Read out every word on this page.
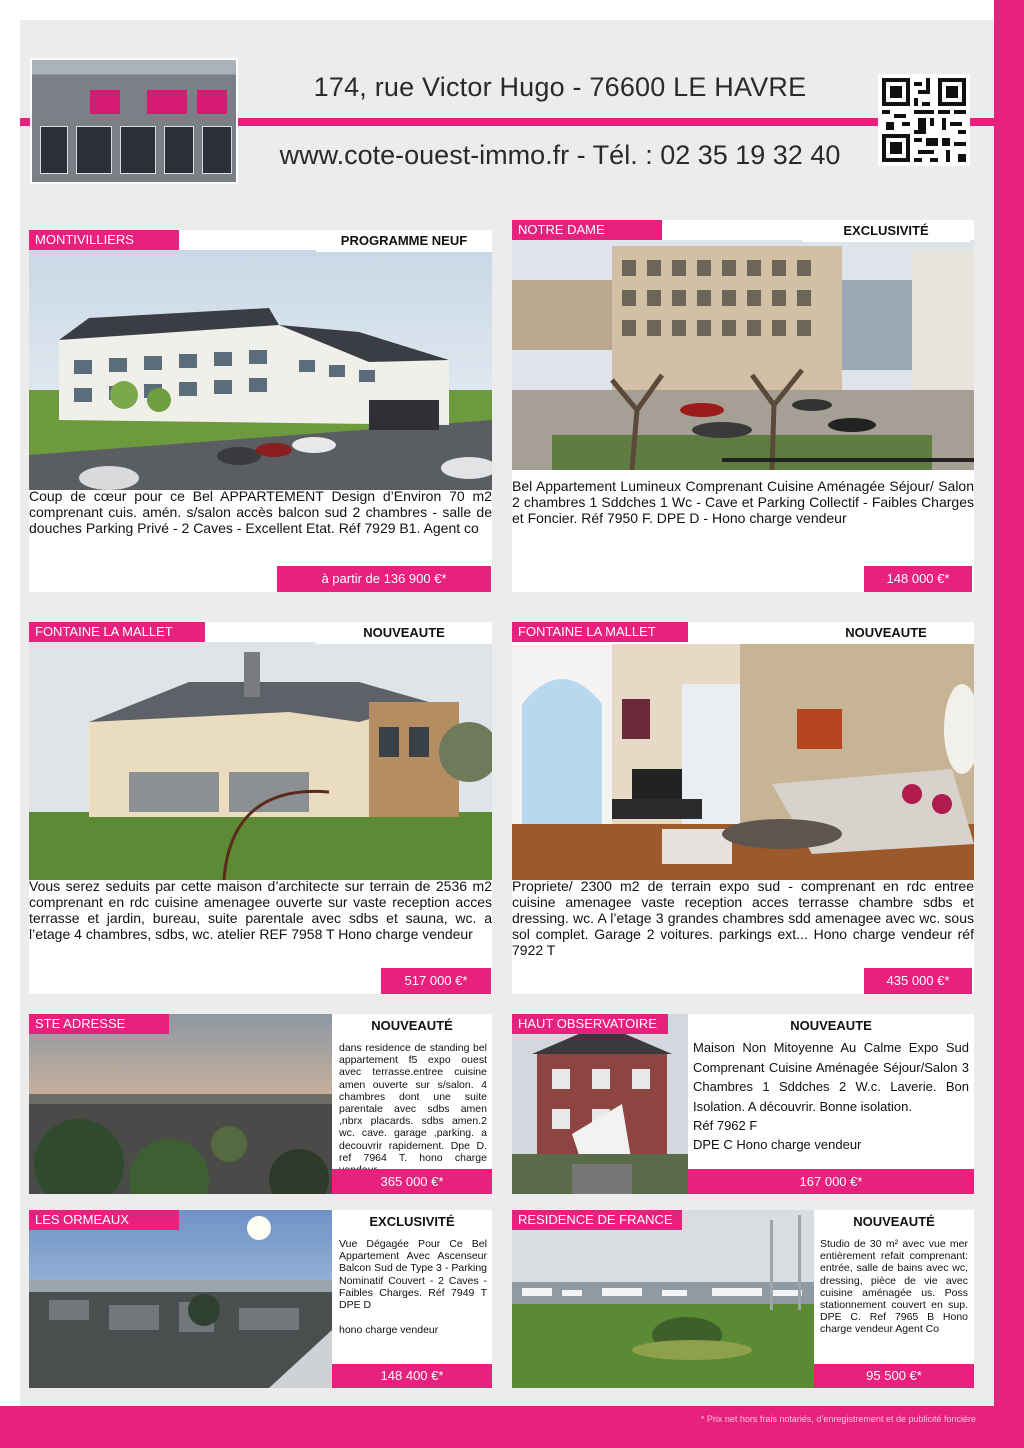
* Prix net hors frais notariés, d’enregistrement et de publicité foncière
174, rue Victor Hugo - 76600 LE HAVRE
www.cote-ouest-immo.fr - Tél. : 02 35 19 32 40
MONTIVILLIERS	PROGRAMME NEUF
Coup de cœur pour ce Bel APPARTEMENT Design d’Environ 70 m2 comprenant cuis. amén. s/salon accès balcon sud 2 chambres - salle de douches Parking Privé - 2 Caves - Excellent Etat. Réf 7929 B1. Agent co
à partir de 136 900 €*
NOTRE DAME	EXCLUSIVITÉ
Bel Appartement Lumineux Comprenant Cuisine Aménagée Séjour/ Salon 2 chambres 1 Sddches 1 Wc - Cave et Parking Collectif - Faibles Charges et Foncier. Réf 7950 F. DPE D - Hono charge vendeur
148 000 €*
FONTAINE LA MALLET	NOUVEAUTE
Vous serez seduits par cette maison d’architecte sur terrain de 2536 m2 comprenant en rdc cuisine amenagee ouverte sur vaste reception acces terrasse et jardin, bureau, suite parentale avec sdbs et sauna, wc. a l’etage 4 chambres, sdbs, wc. atelier REF 7958 T Hono charge vendeur
517 000 €*
FONTAINE LA MALLET	NOUVEAUTE
Propriete/ 2300 m2 de terrain expo sud - comprenant en rdc entree cuisine amenagee vaste reception acces terrasse chambre sdbs et dressing. wc. A l’etage 3 grandes chambres sdd amenagee avec wc. sous sol complet. Garage 2 voitures. parkings ext... Hono charge vendeur réf 7922 T
435 000 €*
STE ADRESSE	NOUVEAUTÉ
dans residence de standing bel appartement f5 expo ouest avec terrasse.entree cuisine amen ouverte sur s/salon. 4 chambres dont une suite parentale avec sdbs amen ,nbrx placards. sdbs amen.2 wc. cave. garage ,parking. a decouvrir rapidement. Dpe D. ref 7964 T. hono charge
365 000 €*
HAUT OBSERVATOIRE	NOUVEAUTE
Maison Non Mitoyenne Au Calme Expo Sud Comprenant Cuisine Aménagée Séjour/Salon 3 Chambres 1 Sddches 2 W.c. Laverie. Bon Isolation. A découvrir. Bonne isolation.
Réf 7962 F
DPE C Hono charge vendeur
167 000 €*
LES ORMEAUX	EXCLUSIVITÉ
Vue Dégagée Pour Ce Bel Appartement Avec Ascenseur Balcon Sud de Type 3 - Parking Nominatif Couvert - 2 Caves - Faibles Charges. Réf 7949 T DPE D
hono charge vendeur
148 400 €*
RESIDENCE DE FRANCE	NOUVEAUTÉ
Studio de 30 m² avec vue mer entièrement refait comprenant: entrée, salle de bains avec wc, dressing, pièce de vie avec cuisine aménagée us. Poss stationnement couvert en sup. DPE C. Ref 7965 B Hono charge vendeur Agent Co
95 500 €*
